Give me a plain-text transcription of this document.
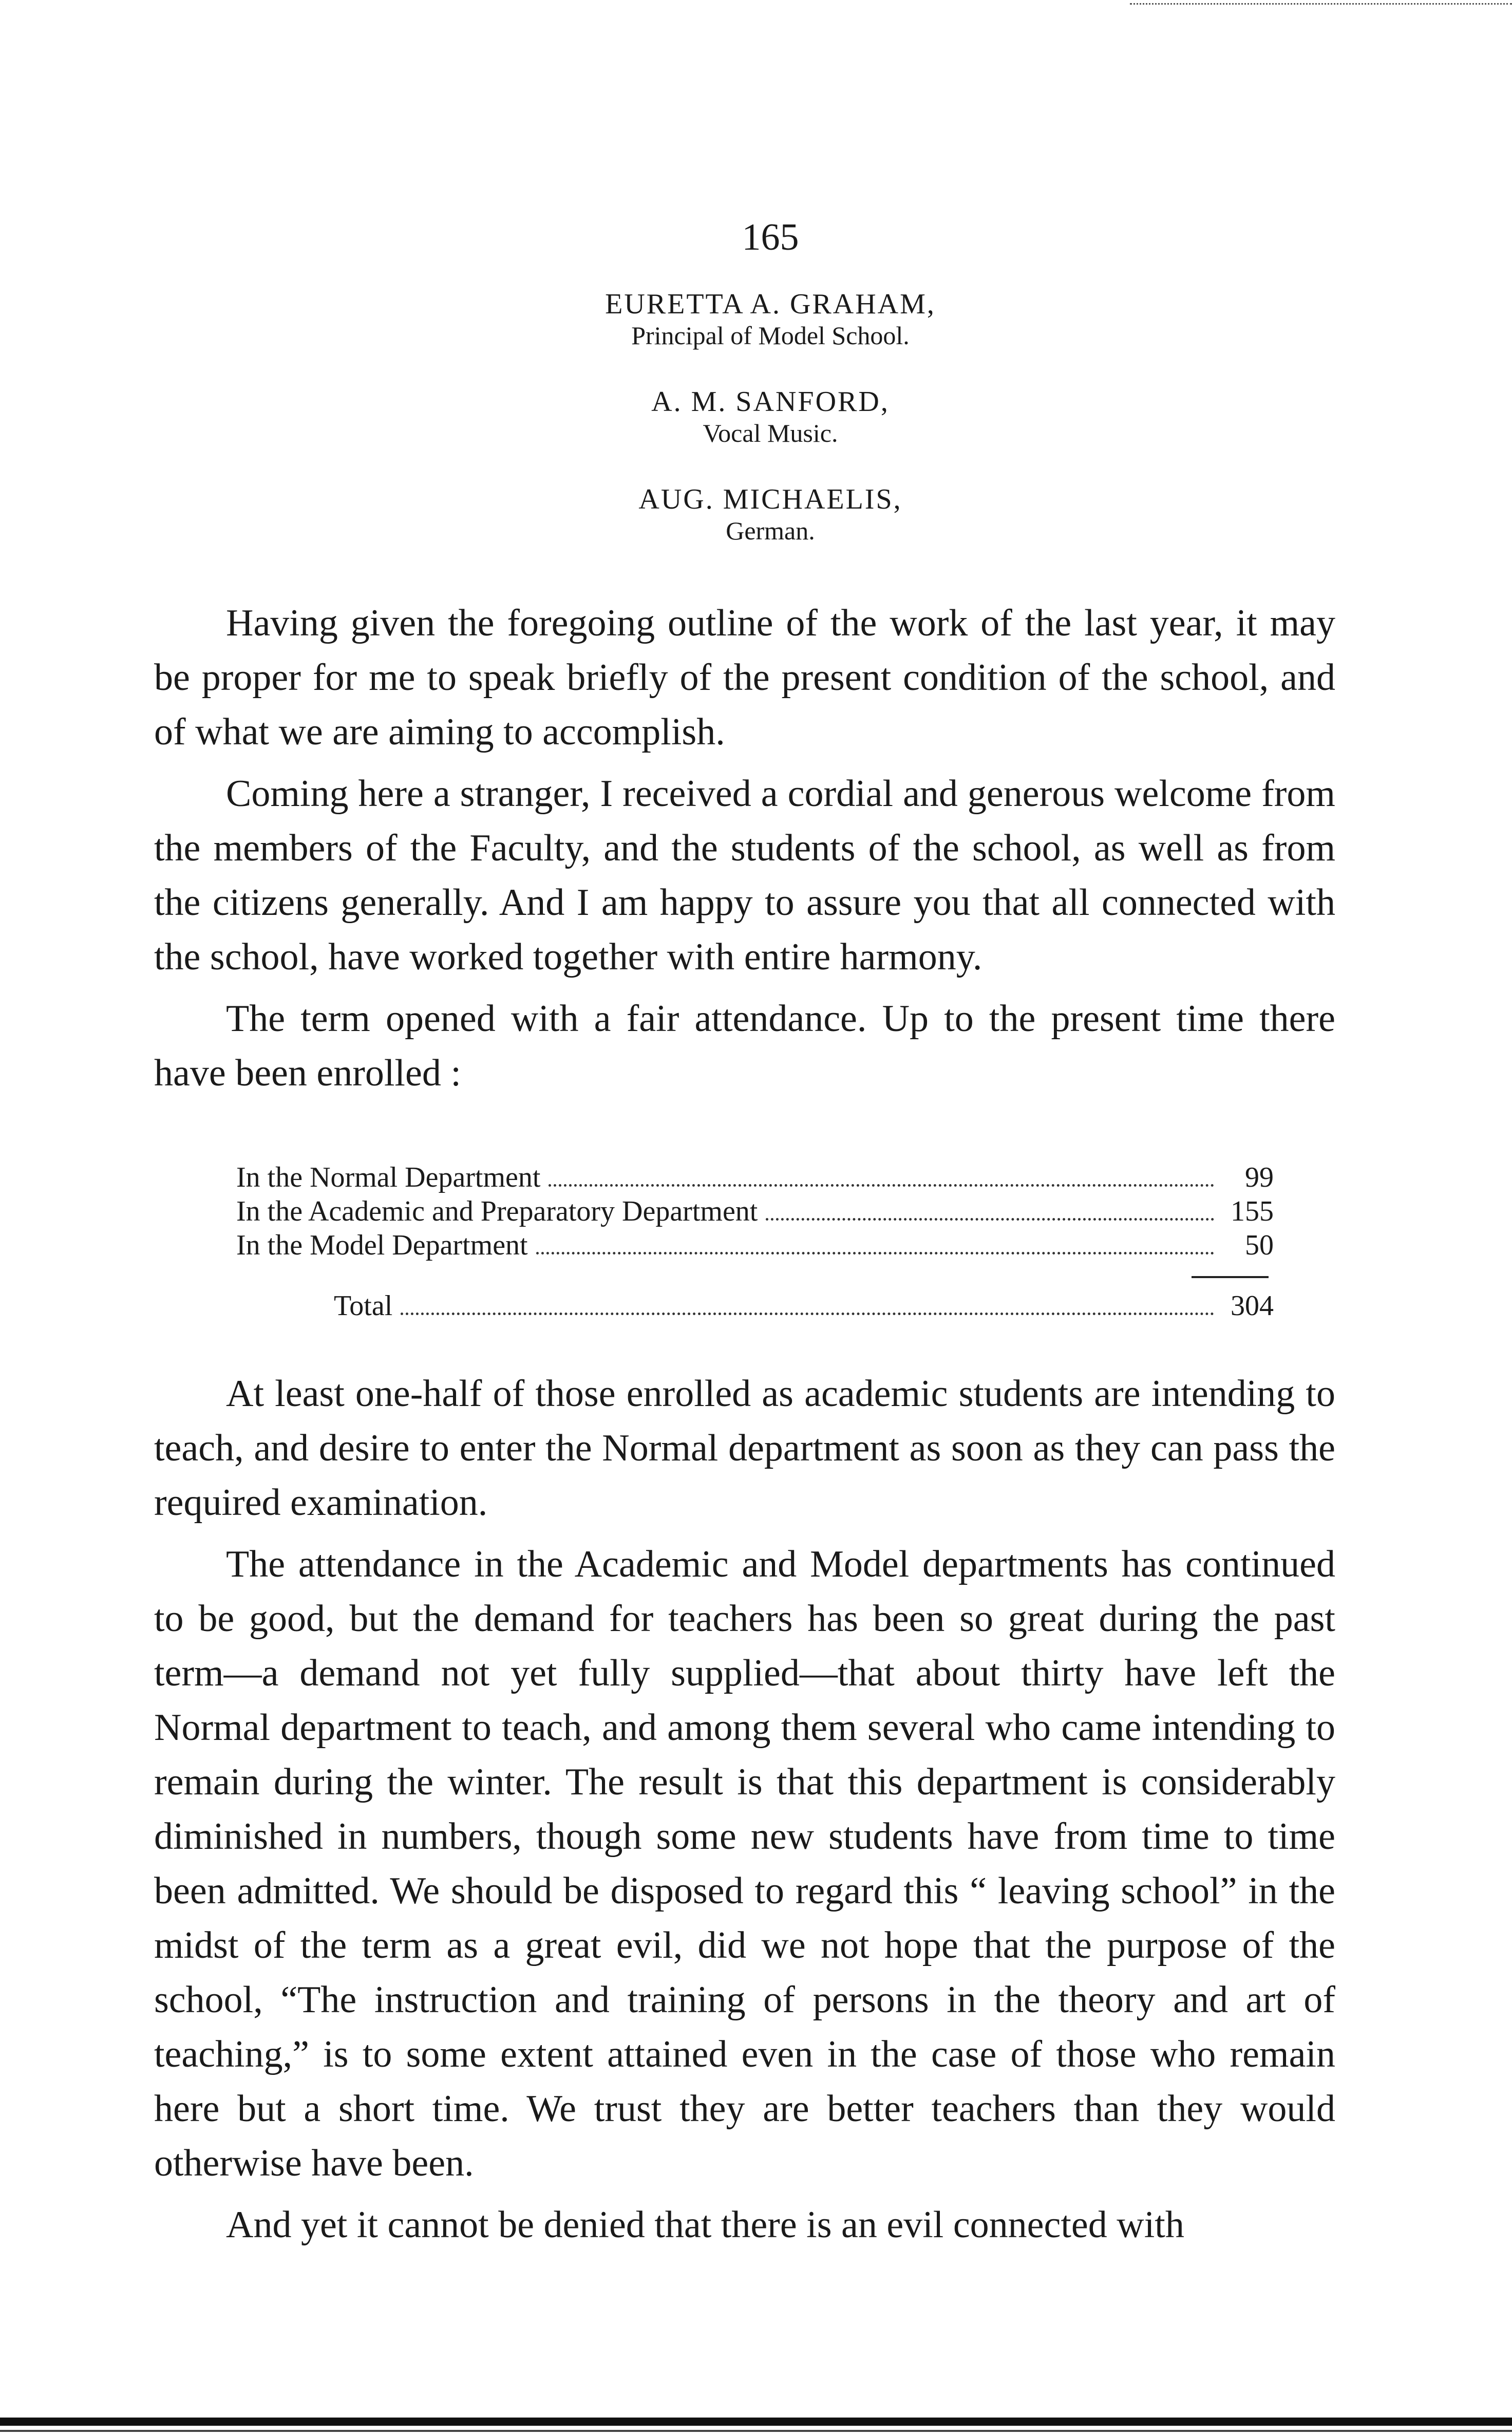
165
EURETTA A. GRAHAM,
Principal of Model School.
A. M. SANFORD,
Vocal Music.
AUG. MICHAELIS,
German.

Having given the foregoing outline of the work of the last year, it may be proper for me to speak briefly of the present condition of the school, and of what we are aiming to accomplish.

Coming here a stranger, I received a cordial and generous welcome from the members of the Faculty, and the students of the school, as well as from the citizens generally. And I am happy to assure you that all connected with the school, have worked together with entire harmony.

The term opened with a fair attendance. Up to the present time there have been enrolled :

In the Normal Department	99
In the Academic and Preparatory Department	155
In the Model Department	50
Total	304

At least one-half of those enrolled as academic students are intending to teach, and desire to enter the Normal department as soon as they can pass the required examination.

The attendance in the Academic and Model departments has continued to be good, but the demand for teachers has been so great during the past term—a demand not yet fully supplied—that about thirty have left the Normal department to teach, and among them several who came intending to remain during the winter. The result is that this department is considerably diminished in numbers, though some new students have from time to time been admitted. We should be disposed to regard this “ leaving school” in the midst of the term as a great evil, did we not hope that the purpose of the school, “The instruction and training of persons in the theory and art of teaching,” is to some extent attained even in the case of those who remain here but a short time. We trust they are better teachers than they would otherwise have been.

And yet it cannot be denied that there is an evil connected with
